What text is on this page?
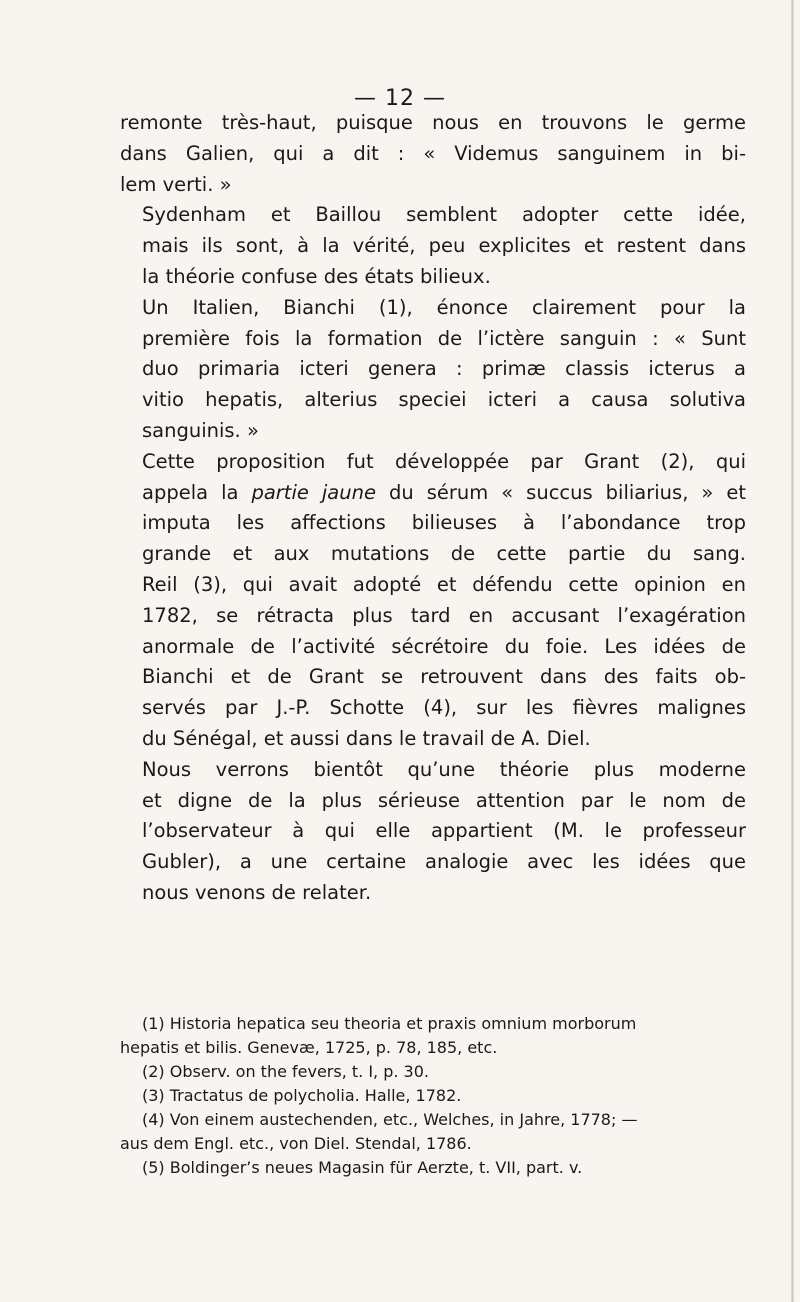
— 12 —

remonte très-haut, puisque nous en trouvons le germe
dans Galien, qui a dit : « Videmus sanguinem in bi-
lem verti. »

Sydenham et Baillou semblent adopter cette idée,
mais ils sont, à la vérité, peu explicites et restent dans
la théorie confuse des états bilieux.

Un Italien, Bianchi (1), énonce clairement pour la
première fois la formation de l’ictère sanguin : « Sunt
duo primaria icteri genera : primæ classis icterus a
vitio hepatis, alterius speciei icteri a causa solutiva
sanguinis. »

Cette proposition fut développée par Grant (2), qui
appela la partie jaune du sérum « succus biliarius, » et
imputa les affections bilieuses à l’abondance trop
grande et aux mutations de cette partie du sang.
Reil (3), qui avait adopté et défendu cette opinion en
1782, se rétracta plus tard en accusant l’exagération
anormale de l’activité sécrétoire du foie. Les idées de
Bianchi et de Grant se retrouvent dans des faits ob-
servés par J.-P. Schotte (4), sur les fièvres malignes
du Sénégal, et aussi dans le travail de A. Diel.

Nous verrons bientôt qu’une théorie plus moderne
et digne de la plus sérieuse attention par le nom de
l’observateur à qui elle appartient (M. le professeur
Gubler), a une certaine analogie avec les idées que
nous venons de relater.

(1) Historia hepatica seu theoria et praxis omnium morborum
hepatis et bilis. Genevæ, 1725, p. 78, 185, etc.
(2) Observ. on the fevers, t. I, p. 30.
(3) Tractatus de polycholia. Halle, 1782.
(4) Von einem austechenden, etc., Welches, in Jahre, 1778; —
aus dem Engl. etc., von Diel. Stendal, 1786.
(5) Boldinger’s neues Magasin für Aerzte, t. VII, part. v.
